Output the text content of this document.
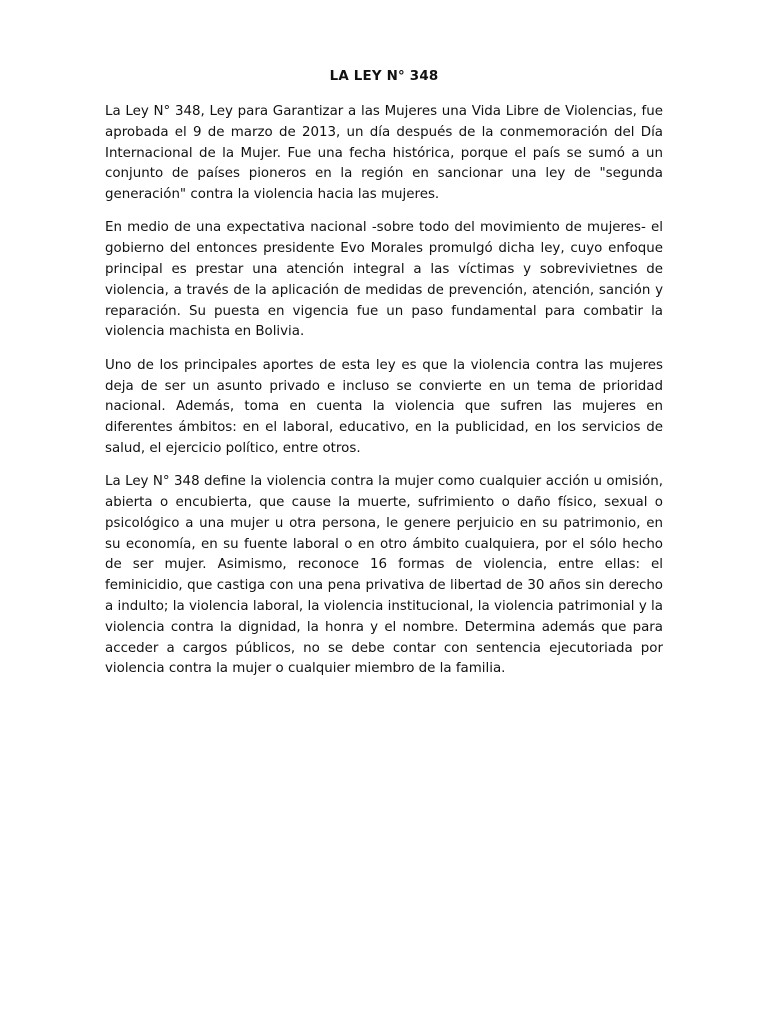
LA LEY N° 348

La Ley N° 348, Ley para Garantizar a las Mujeres una Vida Libre de Violencias, fue aprobada el 9 de marzo de 2013, un día después de la conmemoración del Día Internacional de la Mujer. Fue una fecha histórica, porque el país se sumó a un conjunto de países pioneros en la región en sancionar una ley de "segunda generación" contra la violencia hacia las mujeres.

En medio de una expectativa nacional -sobre todo del movimiento de mujeres- el gobierno del entonces presidente Evo Morales promulgó dicha ley, cuyo enfoque principal es prestar una atención integral a las víctimas y sobrevivietnes de violencia, a través de la aplicación de medidas de prevención, atención, sanción y reparación. Su puesta en vigencia fue un paso fundamental para combatir la violencia machista en Bolivia.

Uno de los principales aportes de esta ley es que la violencia contra las mujeres deja de ser un asunto privado e incluso se convierte en un tema de prioridad nacional. Además, toma en cuenta la violencia que sufren las mujeres en diferentes ámbitos: en el laboral, educativo, en la publicidad, en los servicios de salud, el ejercicio político, entre otros.

La Ley N° 348 define la violencia contra la mujer como cualquier acción u omisión, abierta o encubierta, que cause la muerte, sufrimiento o daño físico, sexual o psicológico a una mujer u otra persona, le genere perjuicio en su patrimonio, en su economía, en su fuente laboral o en otro ámbito cualquiera, por el sólo hecho de ser mujer. Asimismo, reconoce 16 formas de violencia, entre ellas: el feminicidio, que castiga con una pena privativa de libertad de 30 años sin derecho a indulto; la violencia laboral, la violencia institucional, la violencia patrimonial y la violencia contra la dignidad, la honra y el nombre. Determina además que para acceder a cargos públicos, no se debe contar con sentencia ejecutoriada por violencia contra la mujer o cualquier miembro de la familia.
